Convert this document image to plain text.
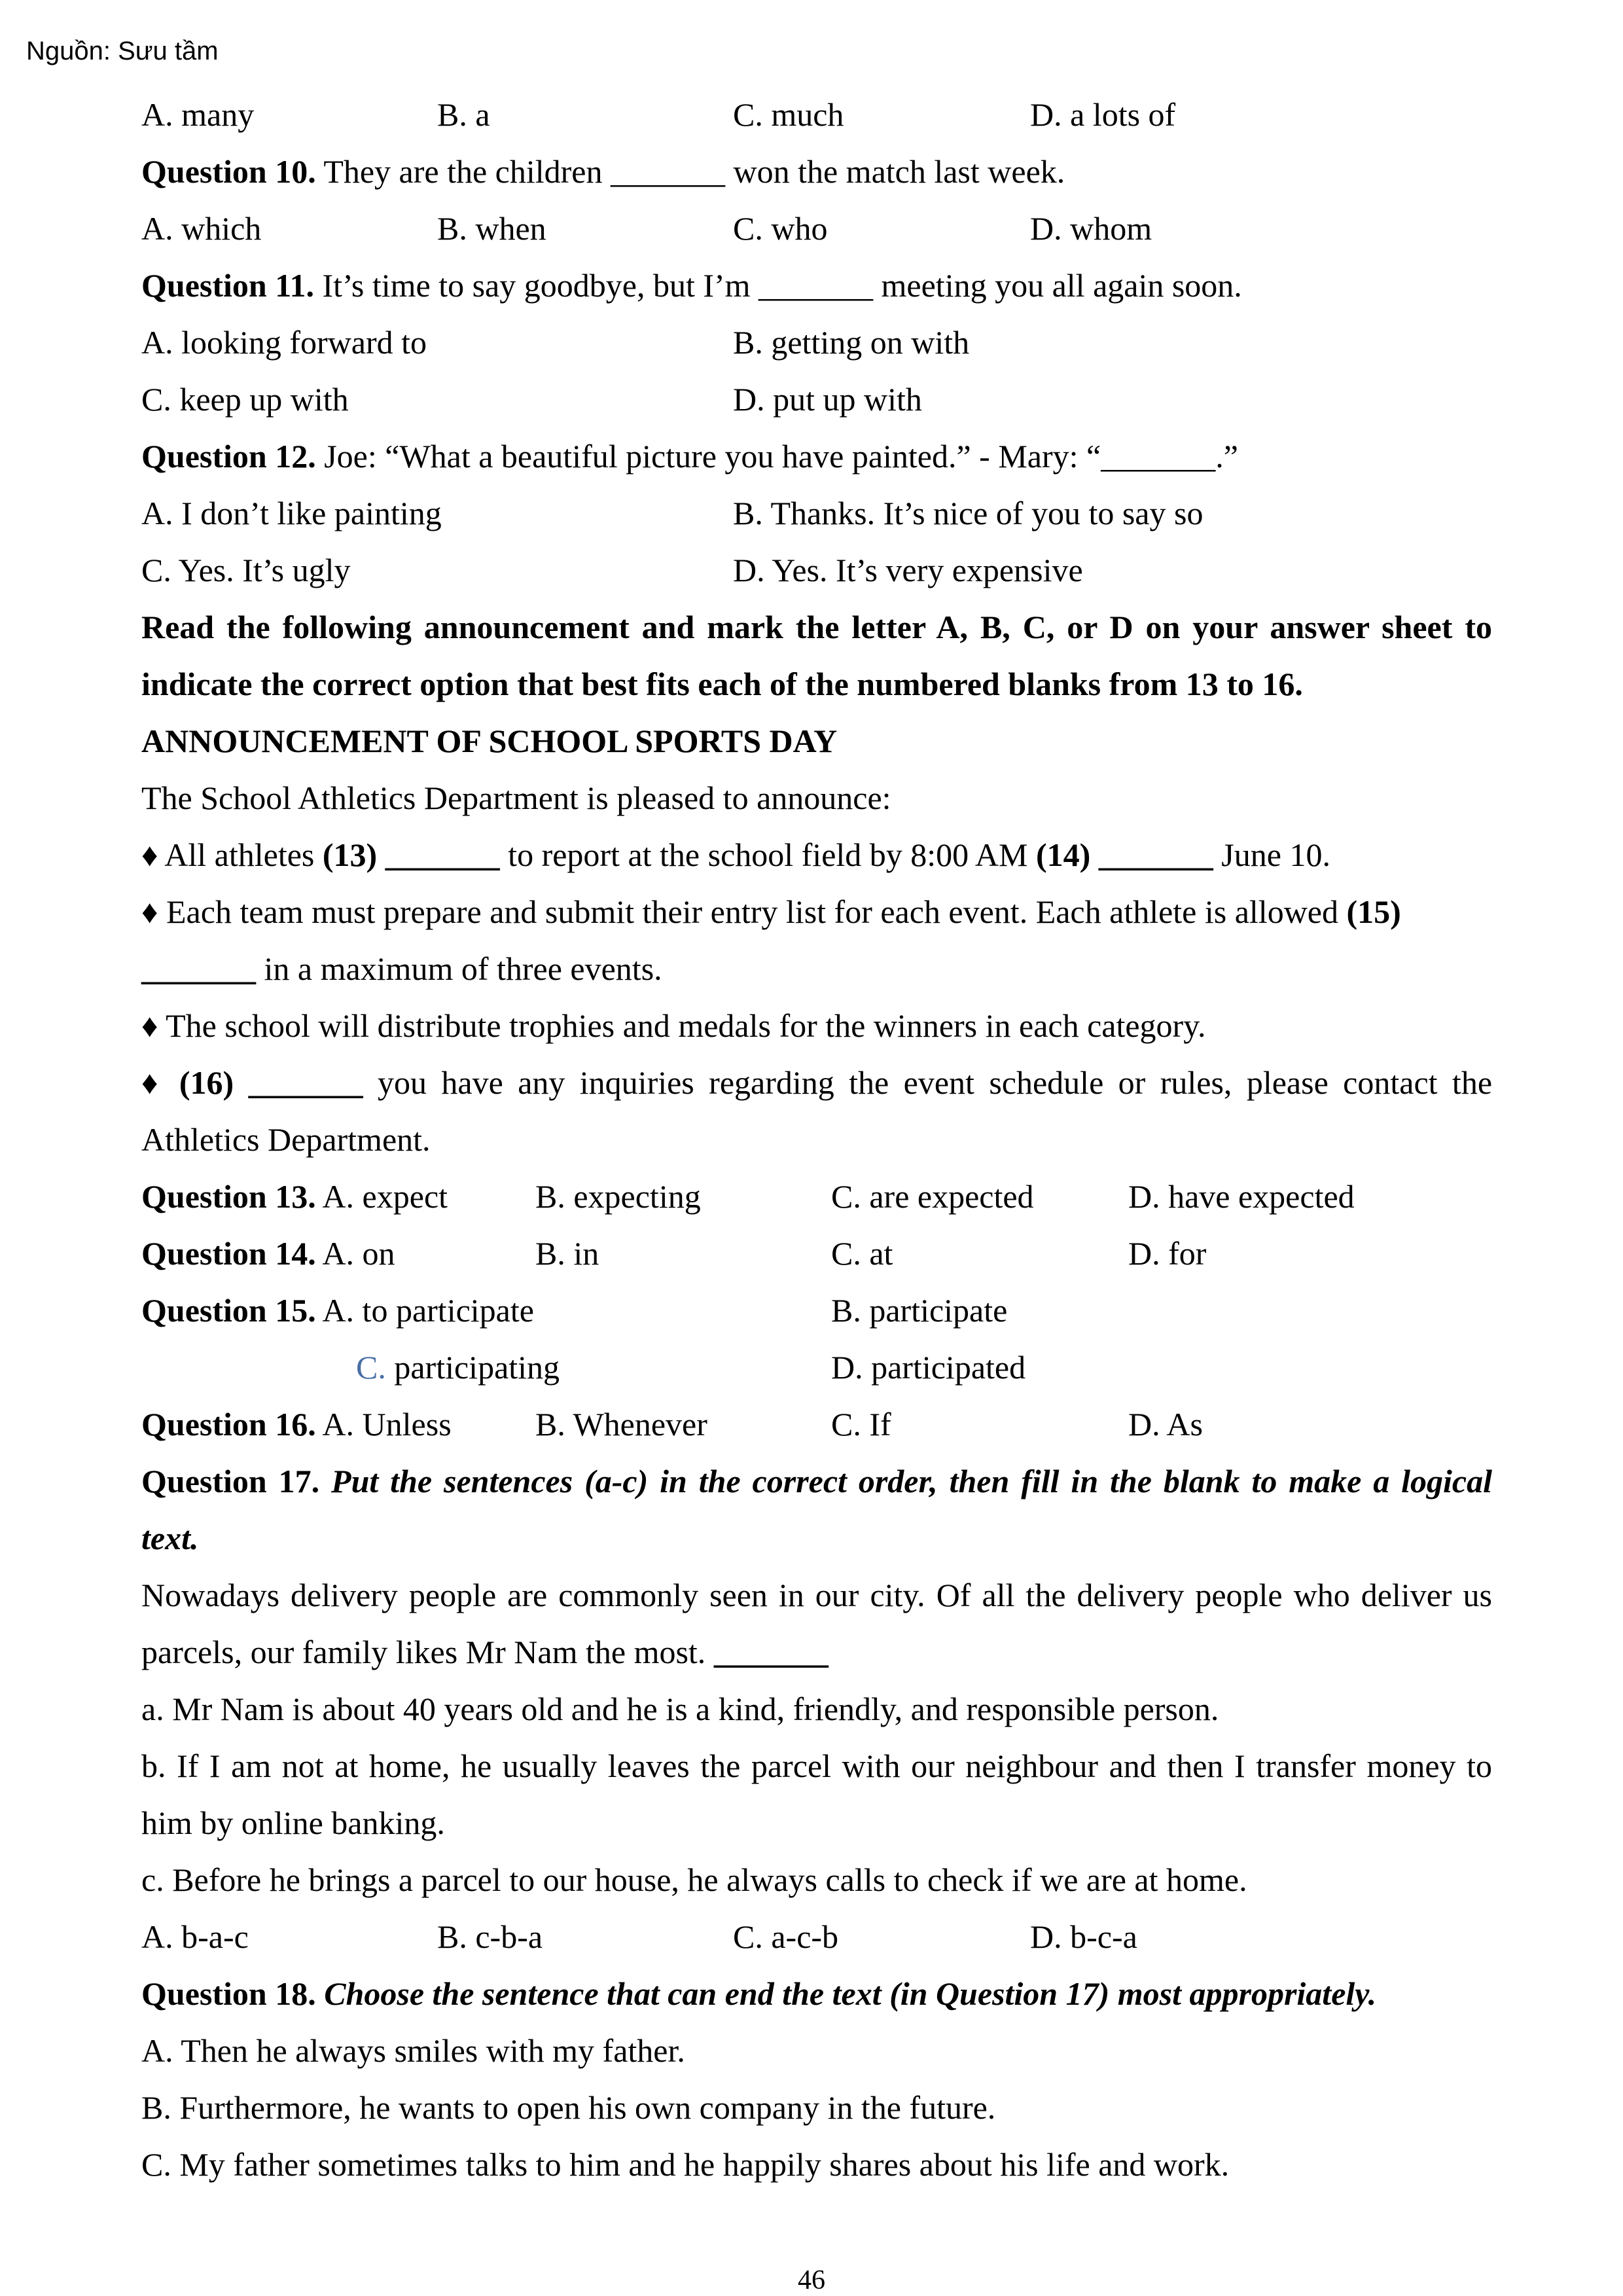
Nguồn: Sưu tầm
A. many	B. a	C. much	D. a lots of
Question 10. They are the children _______ won the match last week.
A. which	B. when	C. who	D. whom
Question 11. It’s time to say goodbye, but I’m _______ meeting you all again soon.
A. looking forward to	B. getting on with
C. keep up with	D. put up with
Question 12. Joe: “What a beautiful picture you have painted.” - Mary: “_______.”
A. I don’t like painting	B. Thanks. It’s nice of you to say so
C. Yes. It’s ugly	D. Yes. It’s very expensive
Read the following announcement and mark the letter A, B, C, or D on your answer sheet to indicate the correct option that best fits each of the numbered blanks from 13 to 16.
ANNOUNCEMENT OF SCHOOL SPORTS DAY
The School Athletics Department is pleased to announce:
♦ All athletes (13) _______ to report at the school field by 8:00 AM (14) _______ June 10.
♦ Each team must prepare and submit their entry list for each event. Each athlete is allowed (15)
_______ in a maximum of three events.
♦ The school will distribute trophies and medals for the winners in each category.
♦ (16) _______ you have any inquiries regarding the event schedule or rules, please contact the Athletics Department.
Question 13. A. expect	B. expecting	C. are expected	D. have expected
Question 14. A. on	B. in	C. at	D. for
Question 15. A. to participate	B. participate
C. participating	D. participated
Question 16. A. Unless	B. Whenever	C. If	D. As
Question 17. Put the sentences (a-c) in the correct order, then fill in the blank to make a logical text.
Nowadays delivery people are commonly seen in our city. Of all the delivery people who deliver us parcels, our family likes Mr Nam the most. _______
a. Mr Nam is about 40 years old and he is a kind, friendly, and responsible person.
b. If I am not at home, he usually leaves the parcel with our neighbour and then I transfer money to him by online banking.
c. Before he brings a parcel to our house, he always calls to check if we are at home.
A. b-a-c	B. c-b-a	C. a-c-b	D. b-c-a
Question 18. Choose the sentence that can end the text (in Question 17) most appropriately.
A. Then he always smiles with my father.
B. Furthermore, he wants to open his own company in the future.
C. My father sometimes talks to him and he happily shares about his life and work.
46
